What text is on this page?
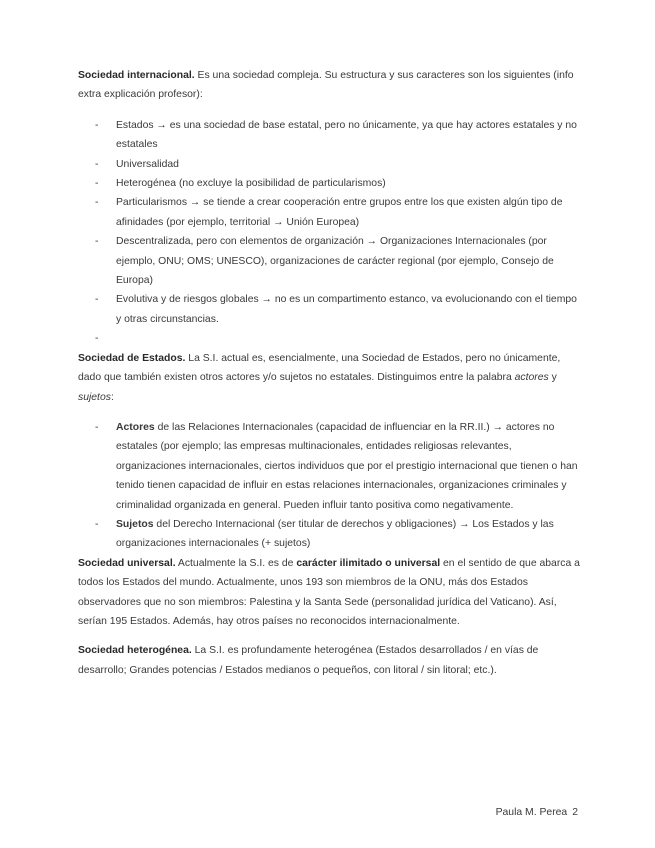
Sociedad internacional. Es una sociedad compleja. Su estructura y sus caracteres son los siguientes (info extra explicación profesor):

- Estados → es una sociedad de base estatal, pero no únicamente, ya que hay actores estatales y no estatales
- Universalidad
- Heterogénea (no excluye la posibilidad de particularismos)
- Particularismos → se tiende a crear cooperación entre grupos entre los que existen algún tipo de afinidades (por ejemplo, territorial → Unión Europea)
- Descentralizada, pero con elementos de organización → Organizaciones Internacionales (por ejemplo, ONU; OMS; UNESCO), organizaciones de carácter regional (por ejemplo, Consejo de Europa)
- Evolutiva y de riesgos globales → no es un compartimento estanco, va evolucionando con el tiempo y otras circunstancias.
-

Sociedad de Estados. La S.I. actual es, esencialmente, una Sociedad de Estados, pero no únicamente, dado que también existen otros actores y/o sujetos no estatales. Distinguimos entre la palabra actores y sujetos:

- Actores de las Relaciones Internacionales (capacidad de influenciar en la RR.II.) → actores no estatales (por ejemplo; las empresas multinacionales, entidades religiosas relevantes, organizaciones internacionales, ciertos individuos que por el prestigio internacional que tienen o han tenido tienen capacidad de influir en estas relaciones internacionales, organizaciones criminales y criminalidad organizada en general. Pueden influir tanto positiva como negativamente.
- Sujetos del Derecho Internacional (ser titular de derechos y obligaciones) → Los Estados y las organizaciones internacionales (+ sujetos)

Sociedad universal. Actualmente la S.I. es de carácter ilimitado o universal en el sentido de que abarca a todos los Estados del mundo. Actualmente, unos 193 son miembros de la ONU, más dos Estados observadores que no son miembros: Palestina y la Santa Sede (personalidad jurídica del Vaticano). Así, serían 195 Estados. Además, hay otros países no reconocidos internacionalmente.

Sociedad heterogénea. La S.I. es profundamente heterogénea (Estados desarrollados / en vías de desarrollo; Grandes potencias / Estados medianos o pequeños, con litoral / sin litoral; etc.).

Paula M. Perea 2
